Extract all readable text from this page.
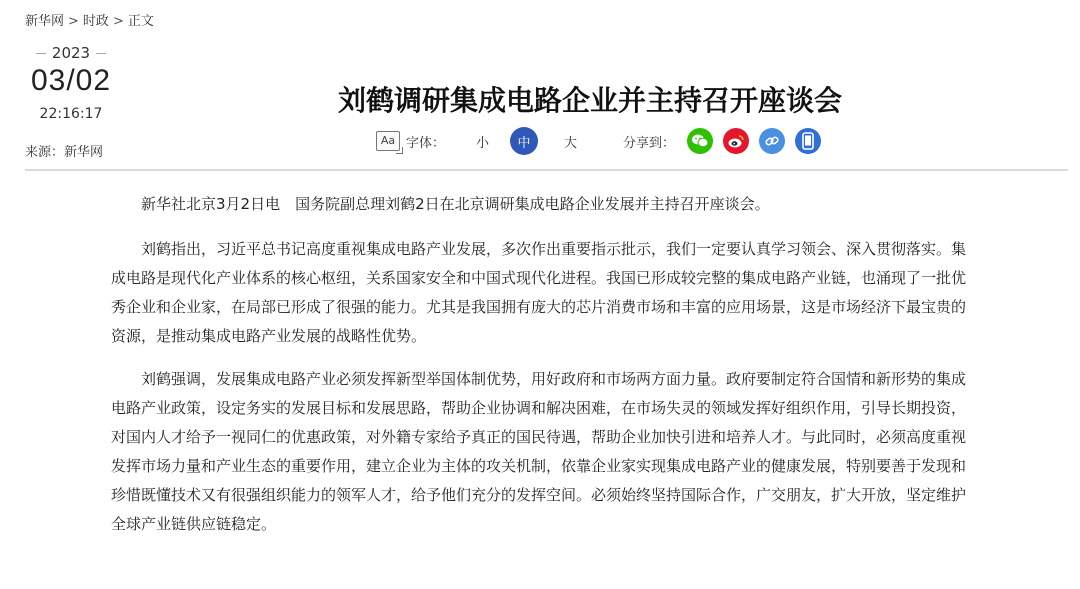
新华网 > 时政 > 正文
2023
03/02
22:16:17
来源：新华网
刘鹤调研集成电路企业并主持召开座谈会
Aa 字体： 小	中	大	分享到：

新华社北京3月2日电　国务院副总理刘鹤2日在北京调研集成电路企业发展并主持召开座谈会。

刘鹤指出，习近平总书记高度重视集成电路产业发展，多次作出重要指示批示，我们一定要认真学习领会、深入贯彻落实。集成电路是现代化产业体系的核心枢纽，关系国家安全和中国式现代化进程。我国已形成较完整的集成电路产业链，也涌现了一批优秀企业和企业家，在局部已形成了很强的能力。尤其是我国拥有庞大的芯片消费市场和丰富的应用场景，这是市场经济下最宝贵的资源，是推动集成电路产业发展的战略性优势。

刘鹤强调，发展集成电路产业必须发挥新型举国体制优势，用好政府和市场两方面力量。政府要制定符合国情和新形势的集成电路产业政策，设定务实的发展目标和发展思路，帮助企业协调和解决困难，在市场失灵的领域发挥好组织作用，引导长期投资，对国内人才给予一视同仁的优惠政策，对外籍专家给予真正的国民待遇，帮助企业加快引进和培养人才。与此同时，必须高度重视发挥市场力量和产业生态的重要作用，建立企业为主体的攻关机制，依靠企业家实现集成电路产业的健康发展，特别要善于发现和珍惜既懂技术又有很强组织能力的领军人才，给予他们充分的发挥空间。必须始终坚持国际合作，广交朋友，扩大开放，坚定维护全球产业链供应链稳定。
